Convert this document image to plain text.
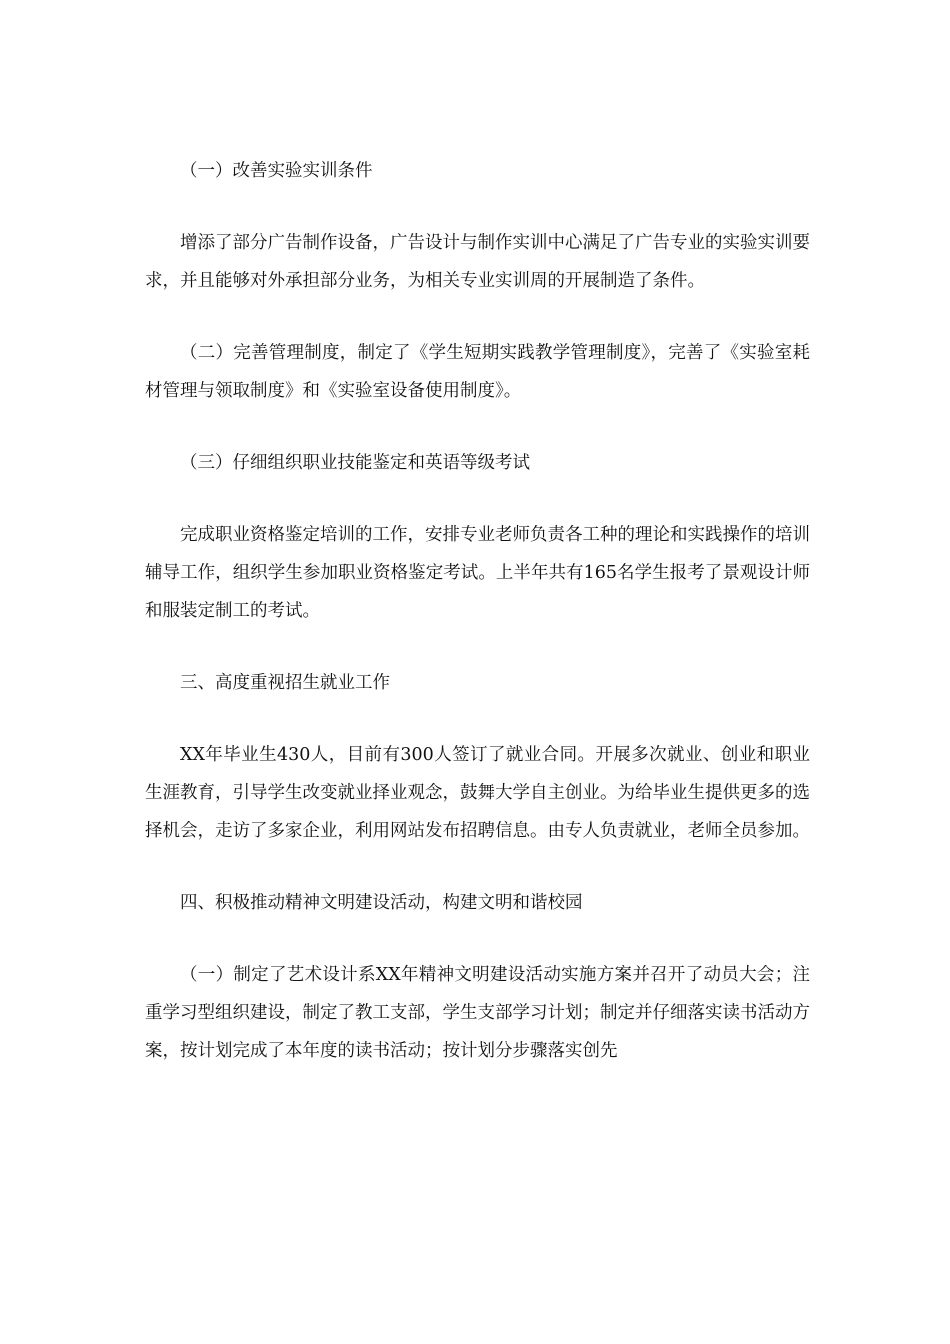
（一）改善实验实训条件

增添了部分广告制作设备，广告设计与制作实训中心满足了广告专业的实验实训要求，并且能够对外承担部分业务，为相关专业实训周的开展制造了条件。

（二）完善管理制度，制定了《学生短期实践教学管理制度》，完善了《实验室耗材管理与领取制度》和《实验室设备使用制度》。

（三）仔细组织职业技能鉴定和英语等级考试

完成职业资格鉴定培训的工作，安排专业老师负责各工种的理论和实践操作的培训辅导工作，组织学生参加职业资格鉴定考试。上半年共有165名学生报考了景观设计师和服装定制工的考试。

三、高度重视招生就业工作

XX年毕业生430人，目前有300人签订了就业合同。开展多次就业、创业和职业生涯教育，引导学生改变就业择业观念，鼓舞大学自主创业。为给毕业生提供更多的选择机会，走访了多家企业，利用网站发布招聘信息。由专人负责就业，老师全员参加。

四、积极推动精神文明建设活动，构建文明和谐校园

（一）制定了艺术设计系XX年精神文明建设活动实施方案并召开了动员大会；注重学习型组织建设，制定了教工支部，学生支部学习计划；制定并仔细落实读书活动方案，按计划完成了本年度的读书活动；按计划分步骤落实创先
